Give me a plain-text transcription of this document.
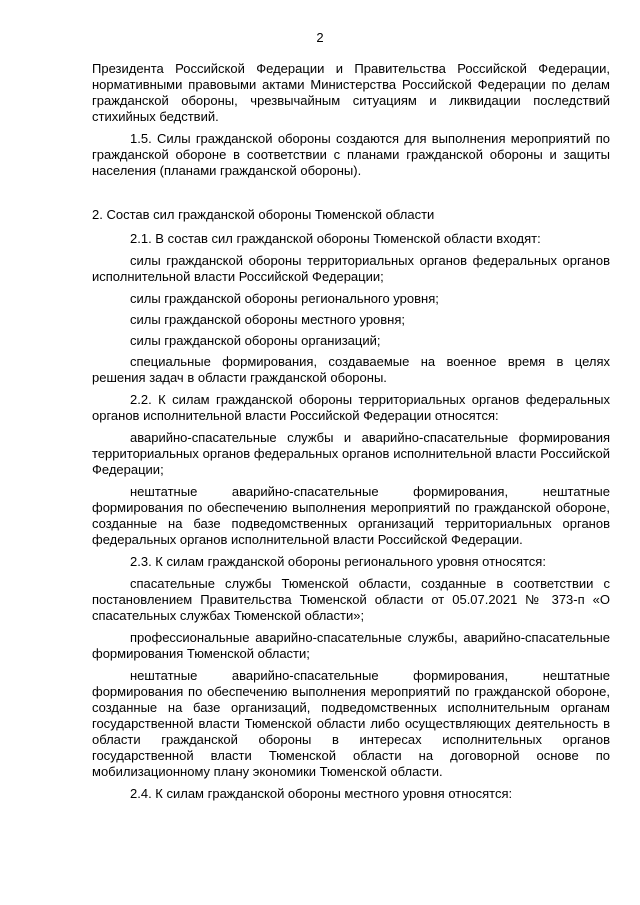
2

Президента Российской Федерации и Правительства Российской Федерации, нормативными правовыми актами Министерства Российской Федерации по делам гражданской обороны, чрезвычайным ситуациям и ликвидации последствий стихийных бедствий.

1.5. Силы гражданской обороны создаются для выполнения мероприятий по гражданской обороне в соответствии с планами гражданской обороны и защиты населения (планами гражданской обороны).

2. Состав сил гражданской обороны Тюменской области

2.1. В состав сил гражданской обороны Тюменской области входят:

силы гражданской обороны территориальных органов федеральных органов исполнительной власти Российской Федерации;

силы гражданской обороны регионального уровня;

силы гражданской обороны местного уровня;

силы гражданской обороны организаций;

специальные формирования, создаваемые на военное время в целях решения задач в области гражданской обороны.

2.2. К силам гражданской обороны территориальных органов федеральных органов исполнительной власти Российской Федерации относятся:

аварийно-спасательные службы и аварийно-спасательные формирования территориальных органов федеральных органов исполнительной власти Российской Федерации;

нештатные аварийно-спасательные формирования, нештатные формирования по обеспечению выполнения мероприятий по гражданской обороне, созданные на базе подведомственных организаций территориальных органов федеральных органов исполнительной власти Российской Федерации.

2.3. К силам гражданской обороны регионального уровня относятся:

спасательные службы Тюменской области, созданные в соответствии с постановлением Правительства Тюменской области от 05.07.2021 № 373-п «О спасательных службах Тюменской области»;

профессиональные аварийно-спасательные службы, аварийно-спасательные формирования Тюменской области;

нештатные аварийно-спасательные формирования, нештатные формирования по обеспечению выполнения мероприятий по гражданской обороне, созданные на базе организаций, подведомственных исполнительным органам государственной власти Тюменской области либо осуществляющих деятельность в области гражданской обороны в интересах исполнительных органов государственной власти Тюменской области на договорной основе по мобилизационному плану экономики Тюменской области.

2.4. К силам гражданской обороны местного уровня относятся:
